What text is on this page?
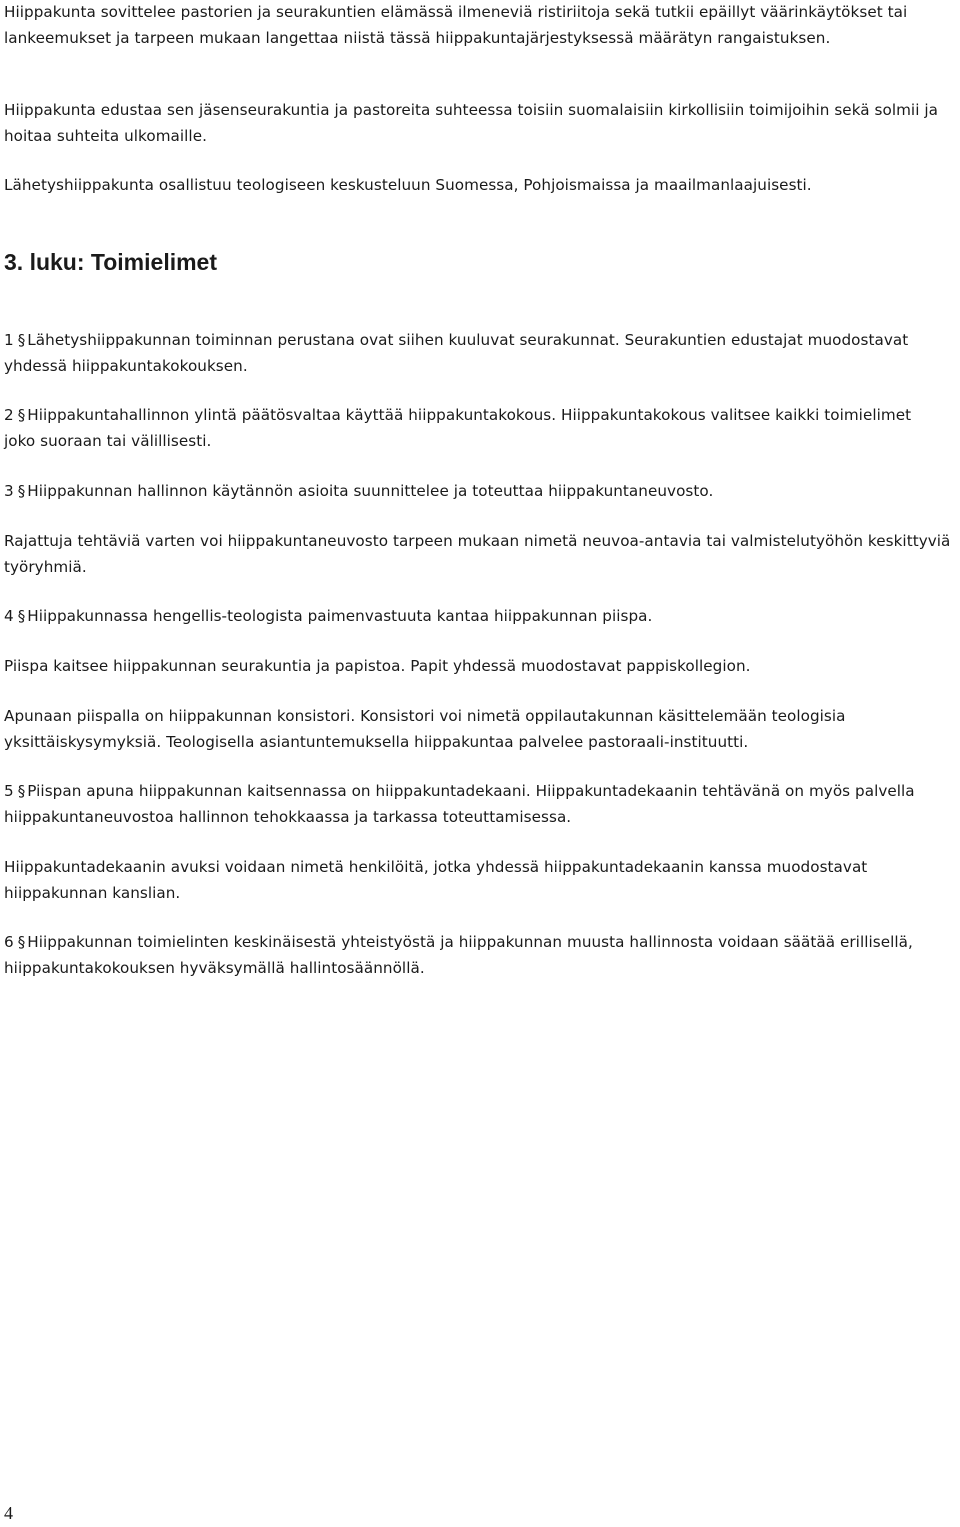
Hiippakunta sovittelee pastorien ja seurakuntien elämässä ilmeneviä ristiriitoja sekä tutkii epäillyt väärinkäytökset tai lankeemukset ja tarpeen mukaan langettaa niistä tässä hiippakuntajärjestyksessä määrätyn rangaistuksen.

Hiippakunta edustaa sen jäsenseurakuntia ja pastoreita suhteessa toisiin suomalaisiin kirkollisiin toimijoihin sekä solmii ja hoitaa suhteita ulkomaille.

Lähetyshiippakunta osallistuu teologiseen keskusteluun Suomessa, Pohjoismaissa ja maailmanlaajuisesti.

3. luku: Toimielimet

1 § Lähetyshiippakunnan toiminnan perustana ovat siihen kuuluvat seurakunnat. Seurakuntien edustajat muodostavat yhdessä hiippakuntakokouksen.

2 § Hiippakuntahallinnon ylintä päätösvaltaa käyttää hiippakuntakokous. Hiippakuntakokous valitsee kaikki toimielimet joko suoraan tai välillisesti.

3 § Hiippakunnan hallinnon käytännön asioita suunnittelee ja toteuttaa hiippakuntaneuvosto.

Rajattuja tehtäviä varten voi hiippakuntaneuvosto tarpeen mukaan nimetä neuvoa-antavia tai valmistelutyöhön keskittyviä työryhmiä.

4 § Hiippakunnassa hengellis-teologista paimenvastuuta kantaa hiippakunnan piispa.

Piispa kaitsee hiippakunnan seurakuntia ja papistoa. Papit yhdessä muodostavat pappiskollegion.

Apunaan piispalla on hiippakunnan konsistori. Konsistori voi nimetä oppilautakunnan käsittelemään teologisia yksittäiskysymyksiä. Teologisella asiantuntemuksella hiippakuntaa palvelee pastoraali-instituutti.

5 § Piispan apuna hiippakunnan kaitsennassa on hiippakuntadekaani. Hiippakuntadekaanin tehtävänä on myös palvella hiippakuntaneuvostoa hallinnon tehokkaassa ja tarkassa toteuttamisessa.

Hiippakuntadekaanin avuksi voidaan nimetä henkilöitä, jotka yhdessä hiippakuntadekaanin kanssa muodostavat hiippakunnan kanslian.

6 § Hiippakunnan toimielinten keskinäisestä yhteistyöstä ja hiippakunnan muusta hallinnosta voidaan säätää erillisellä, hiippakuntakokouksen hyväksymällä hallintosäännöllä.

4
